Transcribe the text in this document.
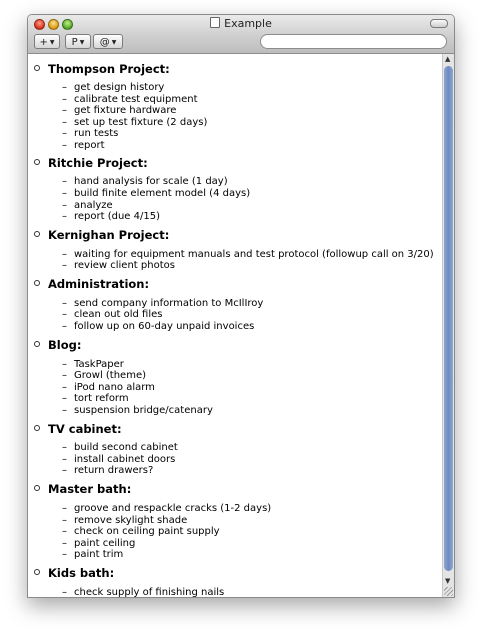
Example
+ ▼	P ▼	@ ▼
Thompson Project:
– get design history
– calibrate test equipment
– get fixture hardware
– set up test fixture (2 days)
– run tests
– report
Ritchie Project:
– hand analysis for scale (1 day)
– build finite element model (4 days)
– analyze
– report (due 4/15)
Kernighan Project:
– waiting for equipment manuals and test protocol (followup call on 3/20)
– review client photos
Administration:
– send company information to McIlIroy
– clean out old files
– follow up on 60-day unpaid invoices
Blog:
– TaskPaper
– Growl (theme)
– iPod nano alarm
– tort reform
– suspension bridge/catenary
TV cabinet:
– build second cabinet
– install cabinet doors
– return drawers?
Master bath:
– groove and respackle cracks (1-2 days)
– remove skylight shade
– check on ceiling paint supply
– paint ceiling
– paint trim
Kids bath:
– check supply of finishing nails
▲
▼
